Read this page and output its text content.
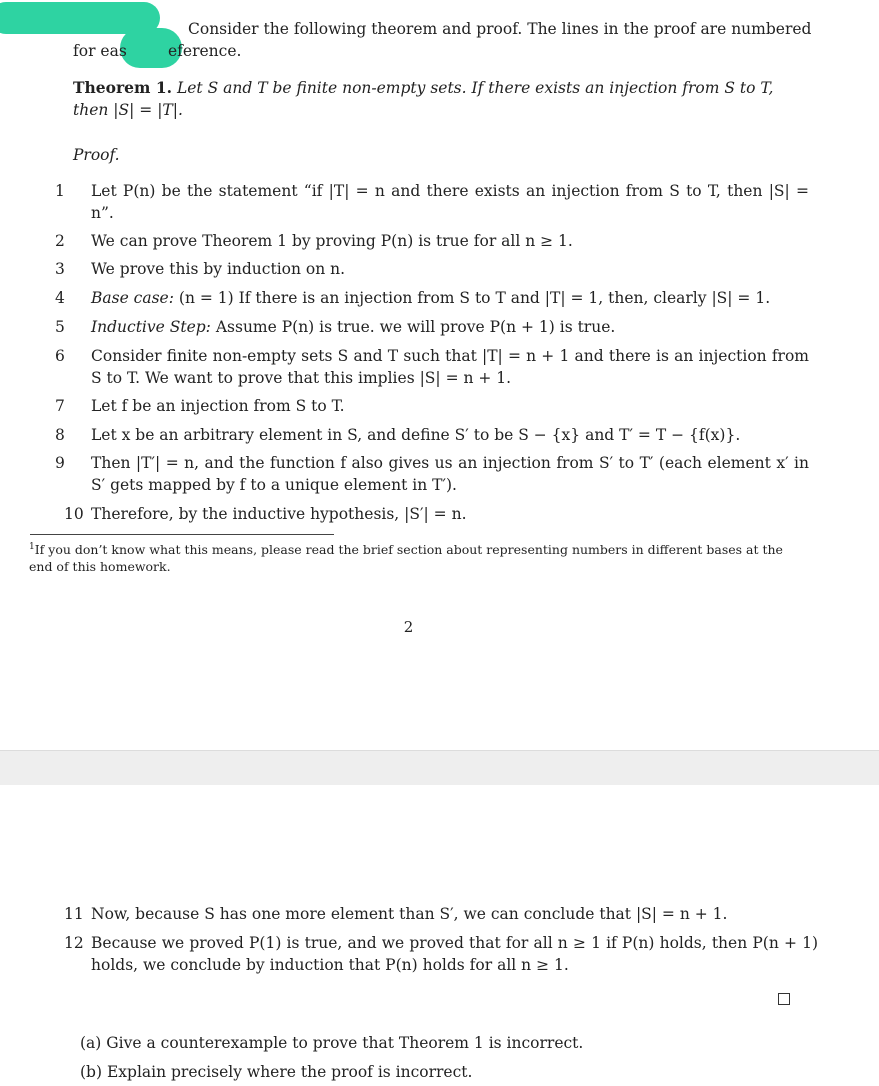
Consider the following theorem and proof. The lines in the proof are numbered
for eas	eference.
Theorem 1. Let S and T be finite non-empty sets. If there exists an injection from S to T,
then |S| = |T|.
Proof.
1 Let P(n) be the statement “if |T| = n and there exists an injection from S to T, then |S| = n”.
2 We can prove Theorem 1 by proving P(n) is true for all n ≥ 1.
3 We prove this by induction on n.
4 Base case: (n = 1) If there is an injection from S to T and |T| = 1, then, clearly |S| = 1.
5 Inductive Step: Assume P(n) is true. we will prove P(n + 1) is true.
6 Consider finite non-empty sets S and T such that |T| = n + 1 and there is an injection from S to T. We want to prove that this implies |S| = n + 1.
7 Let f be an injection from S to T.
8 Let x be an arbitrary element in S, and define S′ to be S − {x} and T′ = T − {f(x)}.
9 Then |T′| = n, and the function f also gives us an injection from S′ to T′ (each element x′ in S′ gets mapped by f to a unique element in T′).
10 Therefore, by the inductive hypothesis, |S′| = n.
$^1$If you don’t know what this means, please read the brief section about representing numbers in different bases at the end of this homework.
2
11 Now, because S has one more element than S′, we can conclude that |S| = n + 1.
12 Because we proved P(1) is true, and we proved that for all n ≥ 1 if P(n) holds, then P(n + 1) holds, we conclude by induction that P(n) holds for all n ≥ 1.
(a) Give a counterexample to prove that Theorem 1 is incorrect.
(b) Explain precisely where the proof is incorrect.
